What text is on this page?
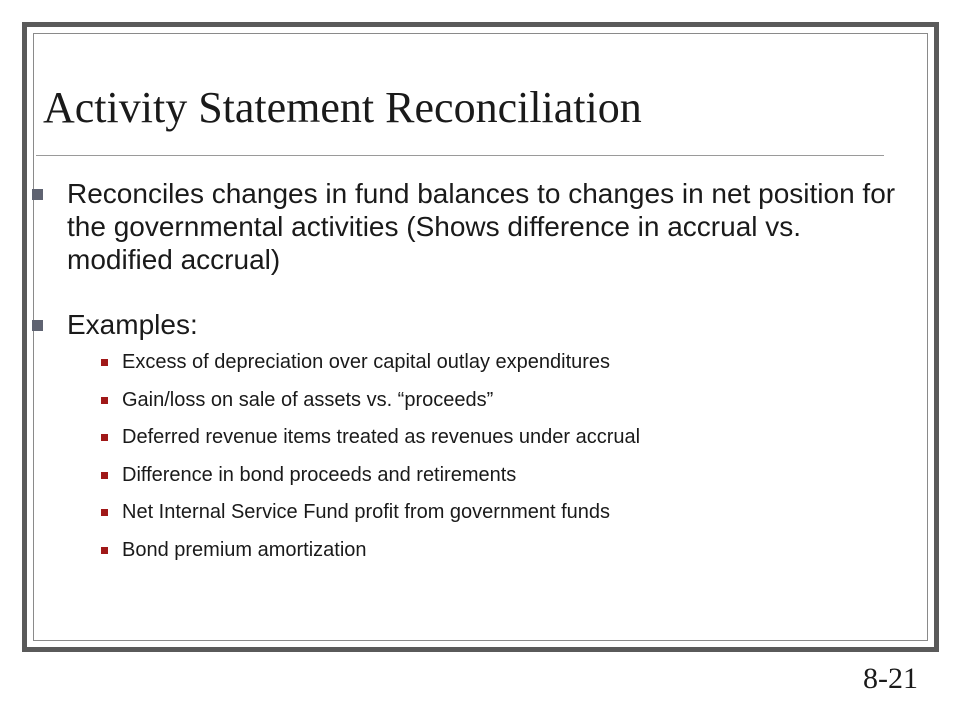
Activity Statement Reconciliation
Reconciles changes in fund balances to changes in net position for the governmental activities (Shows difference in accrual vs. modified accrual)
Examples:
Excess of depreciation over capital outlay expenditures
Gain/loss on sale of assets vs. “proceeds”
Deferred revenue items treated as revenues under accrual
Difference in bond proceeds and retirements
Net Internal Service Fund profit from government funds
Bond premium amortization
8-21
